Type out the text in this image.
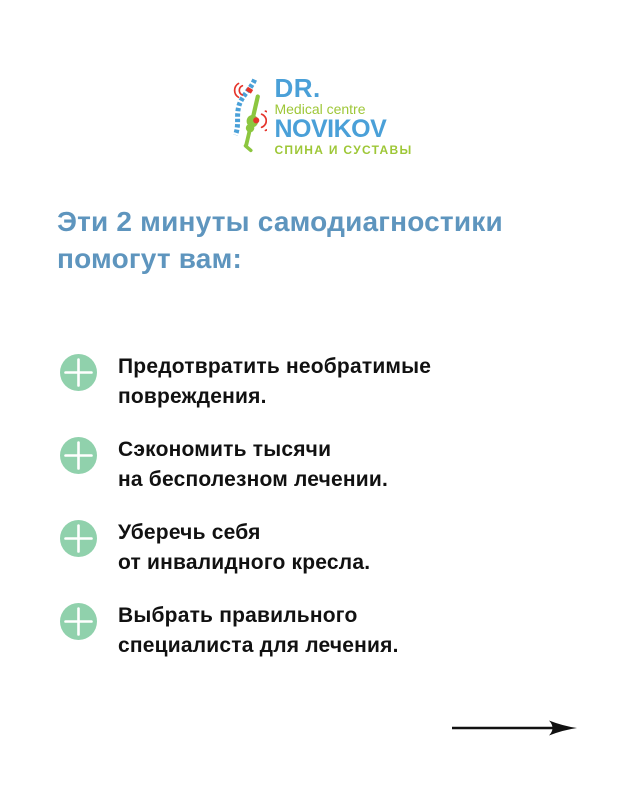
DR.
Medical centre
NOVIKOV
СПИНА И СУСТАВЫ
Эти 2 минуты самодиагностики
помогут вам:
Предотвратить необратимые
повреждения.
Сэкономить тысячи
на бесполезном лечении.
Уберечь себя
от инвалидного кресла.
Выбрать правильного
специалиста для лечения.
